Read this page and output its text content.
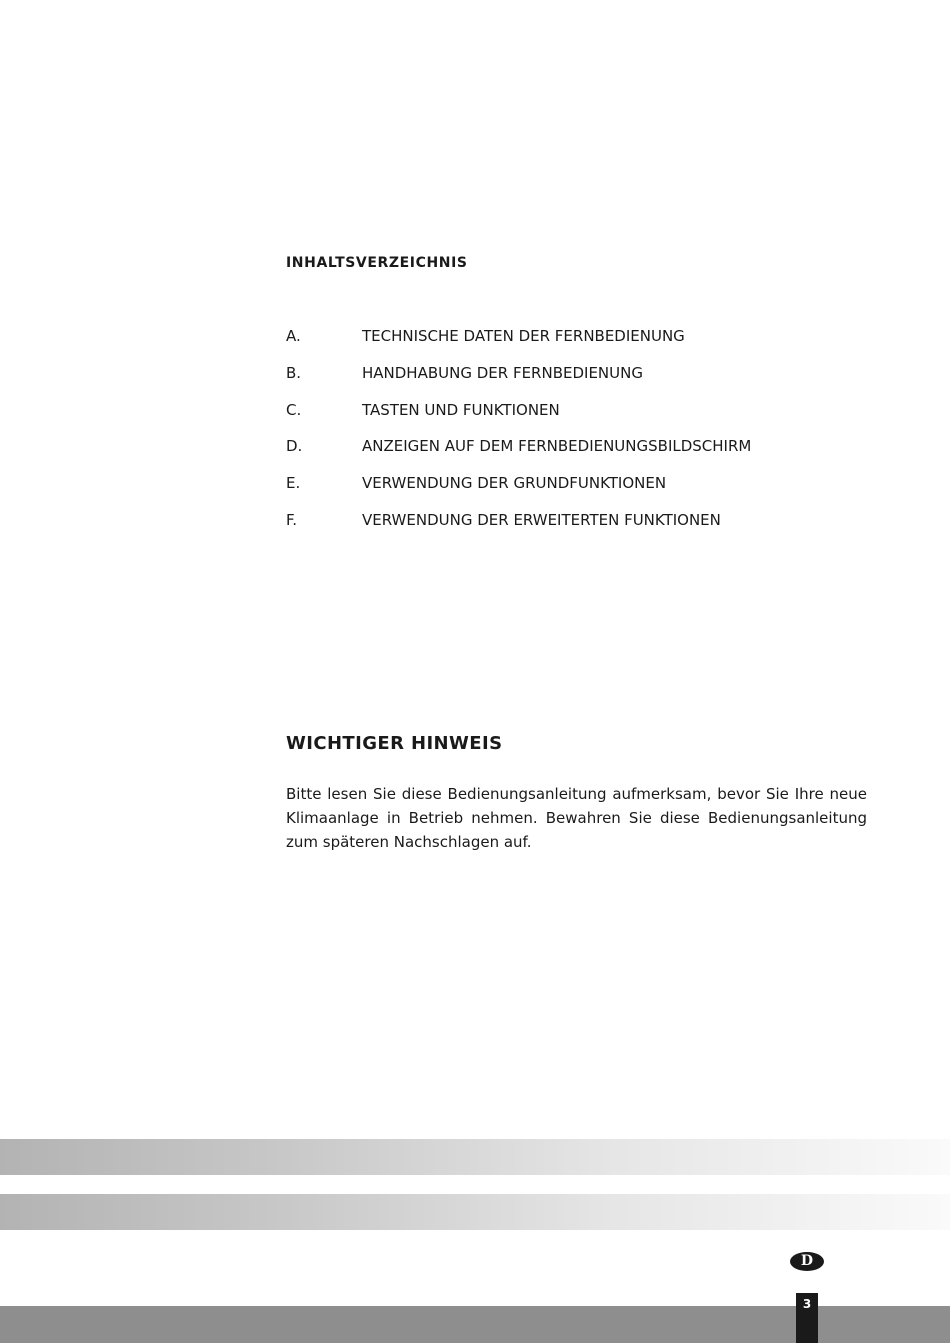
INHALTSVERZEICHNIS
A.	TECHNISCHE DATEN DER FERNBEDIENUNG
B.	HANDHABUNG DER FERNBEDIENUNG
C.	TASTEN UND FUNKTIONEN
D.	ANZEIGEN AUF DEM FERNBEDIENUNGSBILDSCHIRM
E.	VERWENDUNG DER GRUNDFUNKTIONEN
F.	VERWENDUNG DER ERWEITERTEN FUNKTIONEN
WICHTIGER HINWEIS
Bitte lesen Sie diese Bedienungsanleitung aufmerksam, bevor Sie Ihre neue Klimaanlage in Betrieb nehmen. Bewahren Sie diese Bedienungsanleitung zum späteren Nachschlagen auf.
D
3
